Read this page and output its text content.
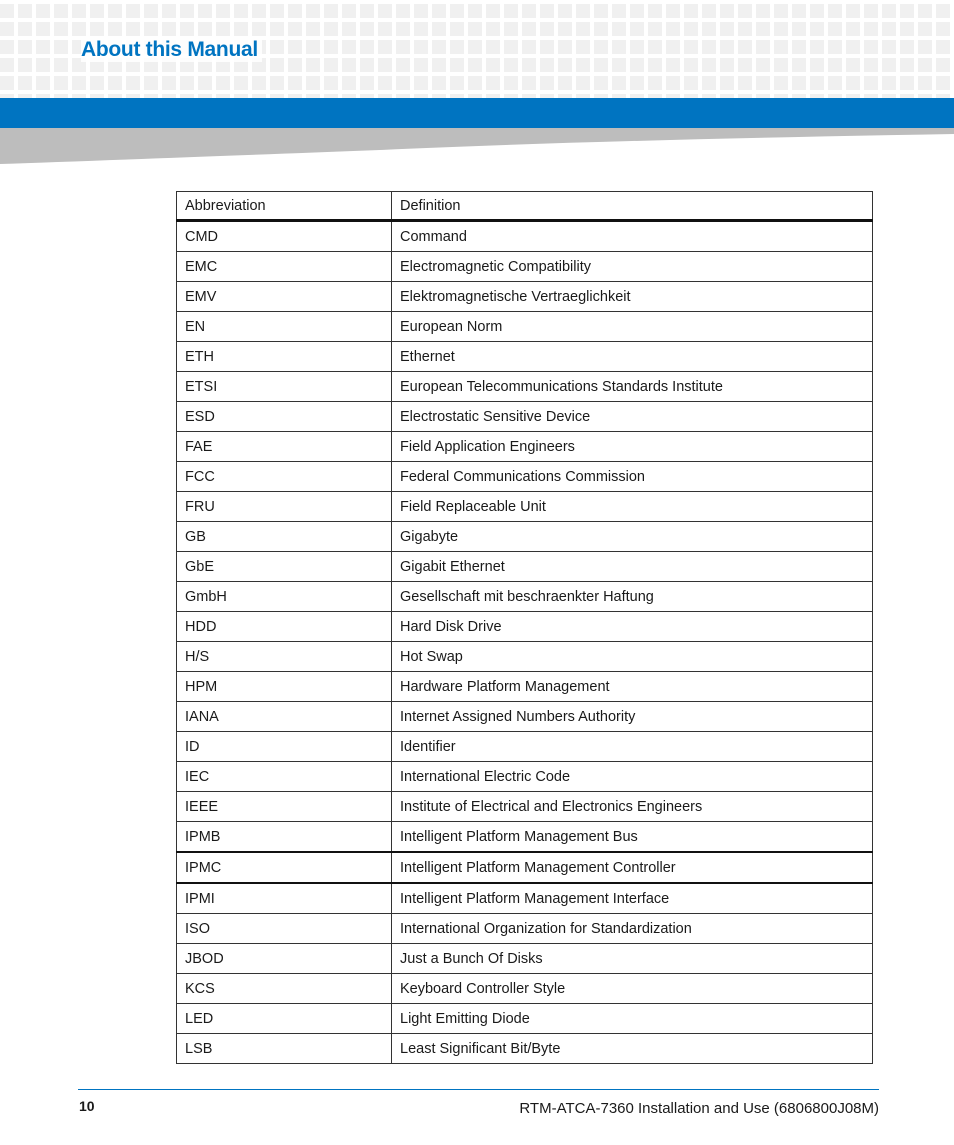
About this Manual
Abbreviation	Definition
CMD	Command
EMC	Electromagnetic Compatibility
EMV	Elektromagnetische Vertraeglichkeit
EN	European Norm
ETH	Ethernet
ETSI	European Telecommunications Standards Institute
ESD	Electrostatic Sensitive Device
FAE	Field Application Engineers
FCC	Federal Communications Commission
FRU	Field Replaceable Unit
GB	Gigabyte
GbE	Gigabit Ethernet
GmbH	Gesellschaft mit beschraenkter Haftung
HDD	Hard Disk Drive
H/S	Hot Swap
HPM	Hardware Platform Management
IANA	Internet Assigned Numbers Authority
ID	Identifier
IEC	International Electric Code
IEEE	Institute of Electrical and Electronics Engineers
IPMB	Intelligent Platform Management Bus
IPMC	Intelligent Platform Management Controller
IPMI	Intelligent Platform Management Interface
ISO	International Organization for Standardization
JBOD	Just a Bunch Of Disks
KCS	Keyboard Controller Style
LED	Light Emitting Diode
LSB	Least Significant Bit/Byte
10	RTM-ATCA-7360 Installation and Use (6806800J08M)
